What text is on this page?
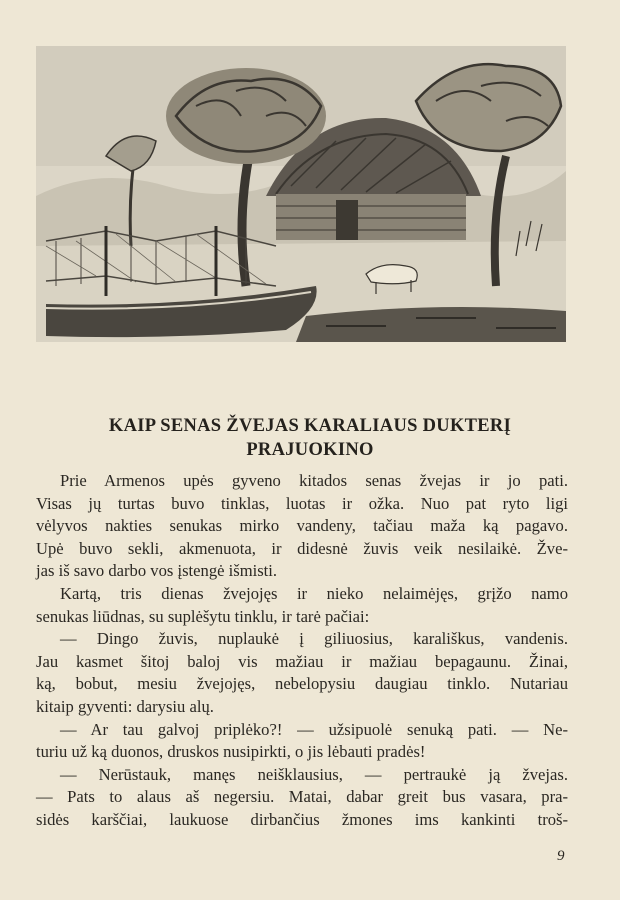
KAIP SENAS ŽVEJAS KARALIAUS DUKTERĮ
PRAJUOKINO
Prie Armenos upės gyveno kitados senas žvejas ir jo pati.
Visas jų turtas buvo tinklas, luotas ir ožka. Nuo pat ryto ligi
vėlyvos nakties senukas mirko vandeny, tačiau maža ką pagavo.
Upė buvo sekli, akmenuota, ir didesnė žuvis veik nesilaikė. Žve-
jas iš savo darbo vos įstengė išmisti.
Kartą, tris dienas žvejojęs ir nieko nelaimėjęs, grįžo namo
senukas liūdnas, su suplėšytu tinklu, ir tarė pačiai:
— Dingo žuvis, nuplaukė į giliuosius, karališkus, vandenis.
Jau kasmet šitoj baloj vis mažiau ir mažiau bepagaunu. Žinai,
ką, bobut, mesiu žvejojęs, nebelopysiu daugiau tinklo. Nutariau
kitaip gyventi: darysiu alų.
— Ar tau galvoj priplėko?! — užsipuolė senuką pati. — Ne-
turiu už ką duonos, druskos nusipirkti, o jis lėbauti pradės!
— Nerūstauk, manęs neišklausius, — pertraukė ją žvejas.
— Pats to alaus aš negersiu. Matai, dabar greit bus vasara, pra-
sidės karščiai, laukuose dirbančius žmones ims kankinti troš-
9
